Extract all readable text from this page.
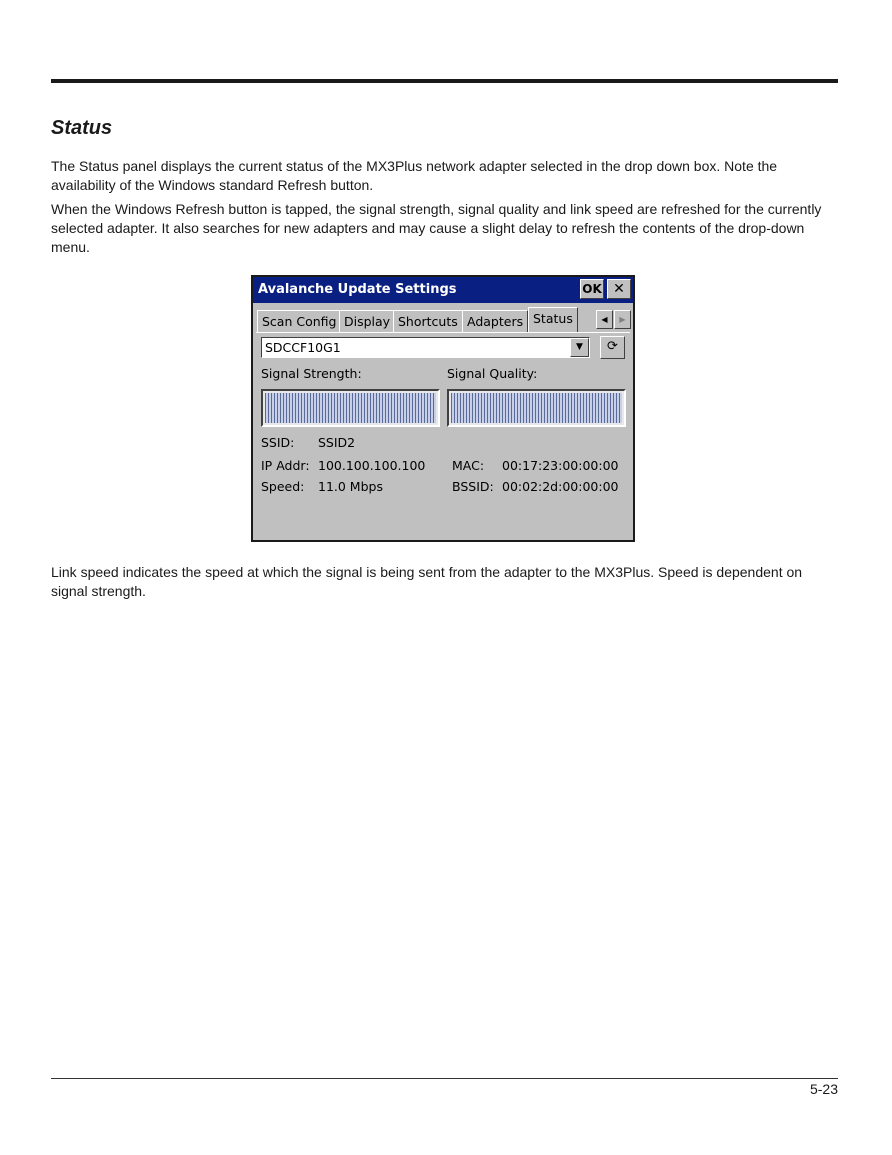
Status

The Status panel displays the current status of the MX3Plus network adapter selected in the drop down box. Note the availability of the Windows standard Refresh button.

When the Windows Refresh button is tapped, the signal strength, signal quality and link speed are refreshed for the currently selected adapter. It also searches for new adapters and may cause a slight delay to refresh the contents of the drop-down menu.

Avalanche Update Settings	OK ✕
Scan Config Display Shortcuts Adapters Status	◀	▶
SDCCF10G1	▼	⟳
Signal Strength:	Signal Quality:
SSID: SSID2
IP Addr: 100.100.100.100 MAC: 00:17:23:00:00:00
Speed: 11.0 Mbps	BSSID: 00:02:2d:00:00:00

Link speed indicates the speed at which the signal is being sent from the adapter to the MX3Plus. Speed is dependent on signal strength.

5-23
